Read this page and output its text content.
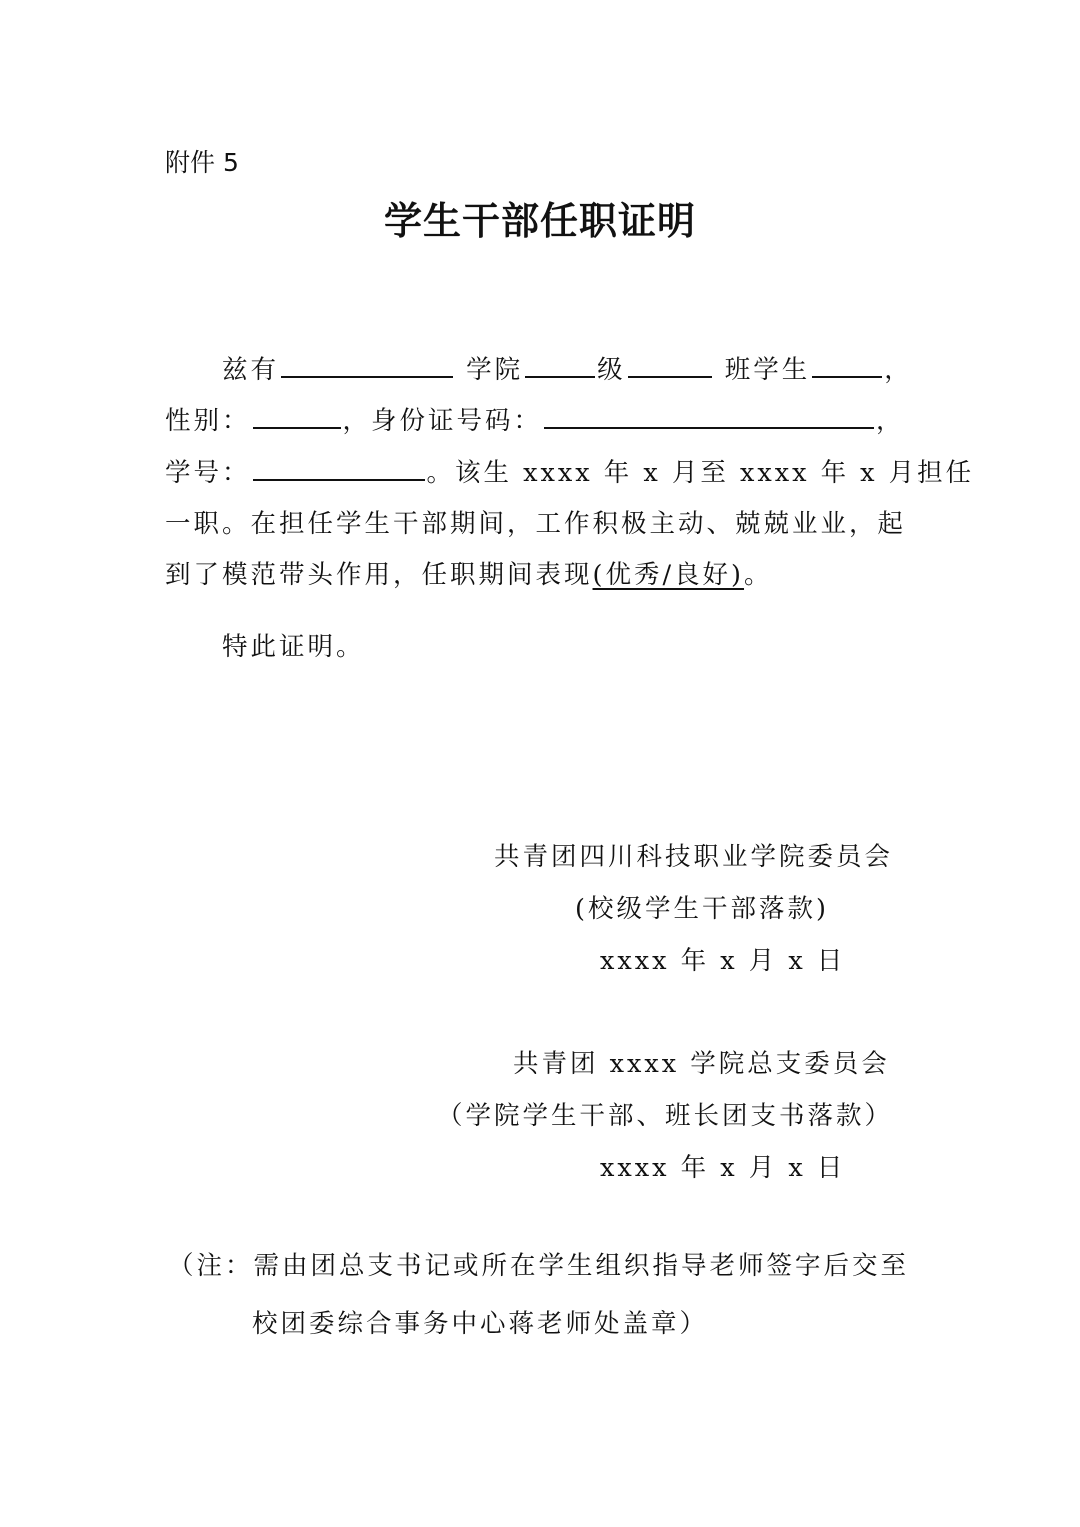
附件 5
学生干部任职证明
兹有	学院	级	班学生	，
性别：	，身份证号码：	，
学号：	。该生 xxxx 年 x 月至 xxxx 年 x 月担任
一职。在担任学生干部期间，工作积极主动、兢兢业业，起
到了模范带头作用，任职期间表现(优秀/良好)。
特此证明。
共青团四川科技职业学院委员会
(校级学生干部落款)
xxxx 年 x 月 x 日
共青团 xxxx 学院总支委员会
（学院学生干部、班长团支书落款）
xxxx 年 x 月 x 日
（注：需由团总支书记或所在学生组织指导老师签字后交至
校团委综合事务中心蒋老师处盖章）
